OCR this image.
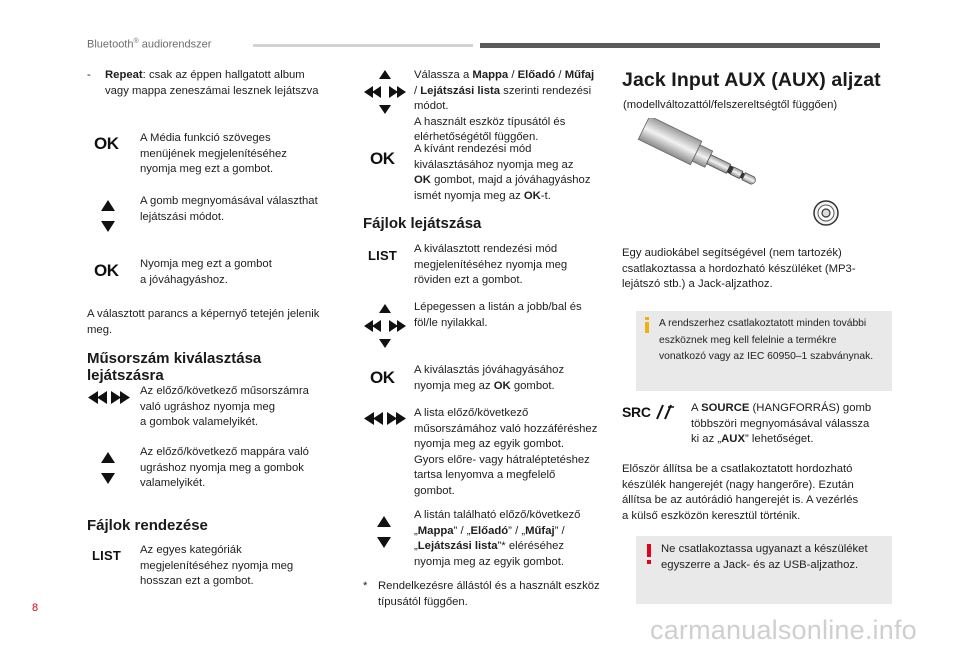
Bluetooth® audiorendszer
- Repeat: csak az éppen hallgatott album
vagy mappa zeneszámai lesznek lejátszva
OK A Média funkció szöveges
menüjének megjelenítéséhez
nyomja meg ezt a gombot.
A gomb megnyomásával választhat
lejátszási módot.
OK Nyomja meg ezt a gombot
a jóváhagyáshoz.
A választott parancs a képernyő tetején jelenik
meg.
Műsorszám kiválasztása
lejátszásra
Az előző/következő műsorszámra
való ugráshoz nyomja meg
a gombok valamelyikét.
Az előző/következő mappára való
ugráshoz nyomja meg a gombok
valamelyikét.
Fájlok rendezése
LIST Az egyes kategóriák
megjelenítéséhez nyomja meg
hosszan ezt a gombot.
Válassza a Mappa / Előadó / Műfaj
/ Lejátszási lista szerinti rendezési
módot.
A használt eszköz típusától és
elérhetőségétől függően.
OK A kívánt rendezési mód
kiválasztásához nyomja meg az
OK gombot, majd a jóváhagyáshoz
ismét nyomja meg az OK-t.
Fájlok lejátszása
LIST A kiválasztott rendezési mód
megjelenítéséhez nyomja meg
röviden ezt a gombot.
Lépegessen a listán a jobb/bal és
föl/le nyilakkal.
OK A kiválasztás jóváhagyásához
nyomja meg az OK gombot.
A lista előző/következő
műsorszámához való hozzáféréshez
nyomja meg az egyik gombot.
Gyors előre- vagy hátraléptetéshez
tartsa lenyomva a megfelelő
gombot.
A listán található előző/következő
„Mappa” / „Előadó” / „Műfaj” /
„Lejátszási lista”* eléréséhez
nyomja meg az egyik gombot.
* Rendelkezésre állástól és a használt eszköz
típusától függően.
Jack Input AUX (AUX) aljzat
(modellváltozattól/felszereltségtől függően)
Egy audiokábel segítségével (nem tartozék)
csatlakoztassa a hordozható készüléket (MP3-
lejátszó stb.) a Jack-aljzathoz.
A rendszerhez csatlakoztatott minden további
eszköznek meg kell felelnie a termékre
vonatkozó vagy az IEC 60950–1 szabványnak.
SRC	A SOURCE (HANGFORRÁS) gomb
többszöri megnyomásával válassza
ki az „AUX” lehetőséget.
Először állítsa be a csatlakoztatott hordozható
készülék hangerejét (nagy hangerőre). Ezután
állítsa be az autórádió hangerejét is. A vezérlés
a külső eszközön keresztül történik.
Ne csatlakoztassa ugyanazt a készüléket
egyszerre a Jack- és az USB-aljzathoz.
8
carmanualsonline.info
